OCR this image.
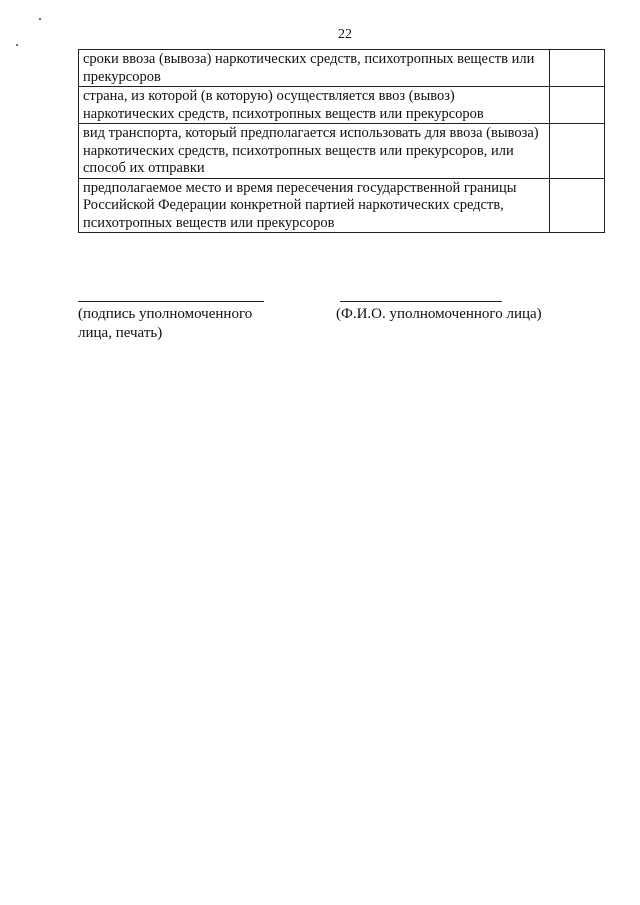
22
сроки ввоза (вывоза) наркотических средств, психотропных веществ или прекурсоров	
страна, из которой (в которую) осуществляется ввоз (вывоз) наркотических средств, психотропных веществ или прекурсоров	
вид транспорта, который предполагается использовать для ввоза (вывоза) наркотических средств, психотропных веществ или прекурсоров, или способ их отправки	
предполагаемое место и время пересечения государственной границы Российской Федерации конкретной партией наркотических средств, психотропных веществ или прекурсоров	
(подпись уполномоченного лица, печать)
(Ф.И.О. уполномоченного лица)
